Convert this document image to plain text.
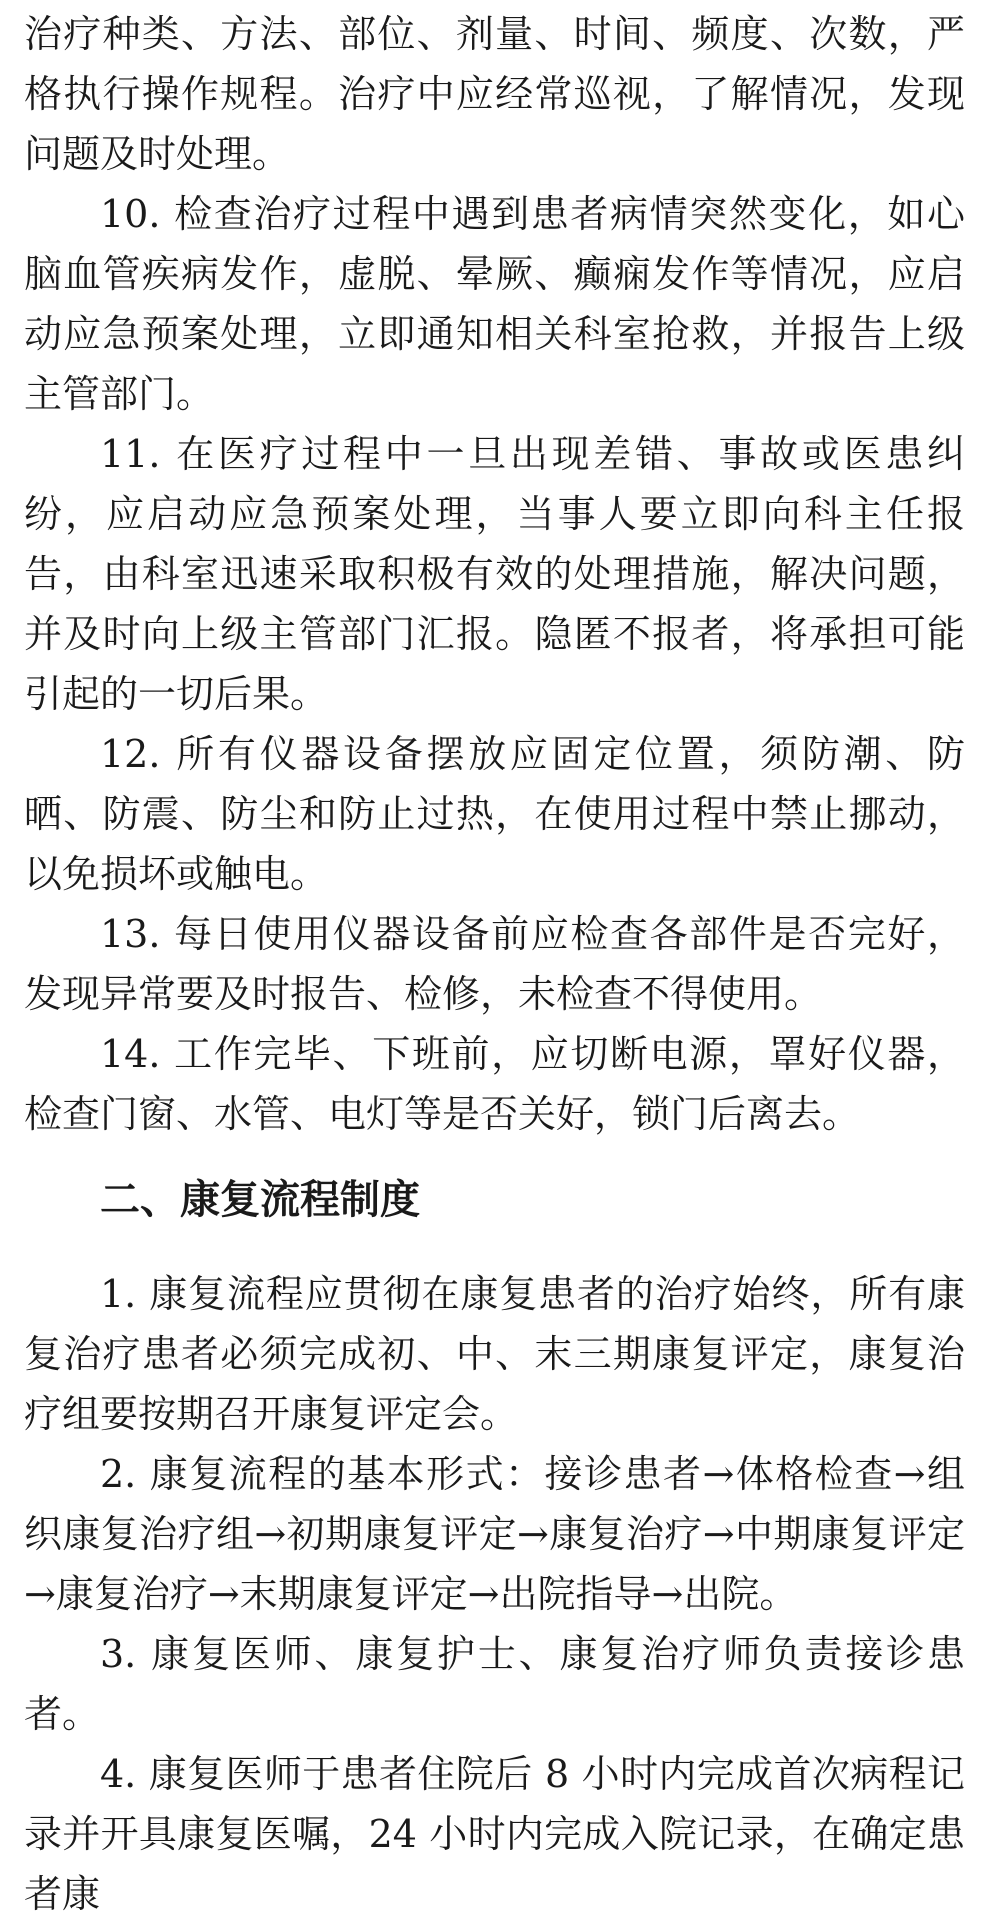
治疗种类、方法、部位、剂量、时间、频度、次数，严格执行操作规程。治疗中应经常巡视，了解情况，发现问题及时处理。

10. 检查治疗过程中遇到患者病情突然变化，如心脑血管疾病发作，虚脱、晕厥、癫痫发作等情况，应启动应急预案处理，立即通知相关科室抢救，并报告上级主管部门。

11. 在医疗过程中一旦出现差错、事故或医患纠纷，应启动应急预案处理，当事人要立即向科主任报告，由科室迅速采取积极有效的处理措施，解决问题，并及时向上级主管部门汇报。隐匿不报者，将承担可能引起的一切后果。

12. 所有仪器设备摆放应固定位置，须防潮、防晒、防震、防尘和防止过热，在使用过程中禁止挪动，以免损坏或触电。

13. 每日使用仪器设备前应检查各部件是否完好，发现异常要及时报告、检修，未检查不得使用。

14. 工作完毕、下班前，应切断电源，罩好仪器，检查门窗、水管、电灯等是否关好，锁门后离去。

二、康复流程制度

1. 康复流程应贯彻在康复患者的治疗始终，所有康复治疗患者必须完成初、中、末三期康复评定，康复治疗组要按期召开康复评定会。

2. 康复流程的基本形式：接诊患者→体格检查→组织康复治疗组→初期康复评定→康复治疗→中期康复评定→康复治疗→末期康复评定→出院指导→出院。

3. 康复医师、康复护士、康复治疗师负责接诊患者。

4. 康复医师于患者住院后 8 小时内完成首次病程记录并开具康复医嘱，24 小时内完成入院记录，在确定患者康
